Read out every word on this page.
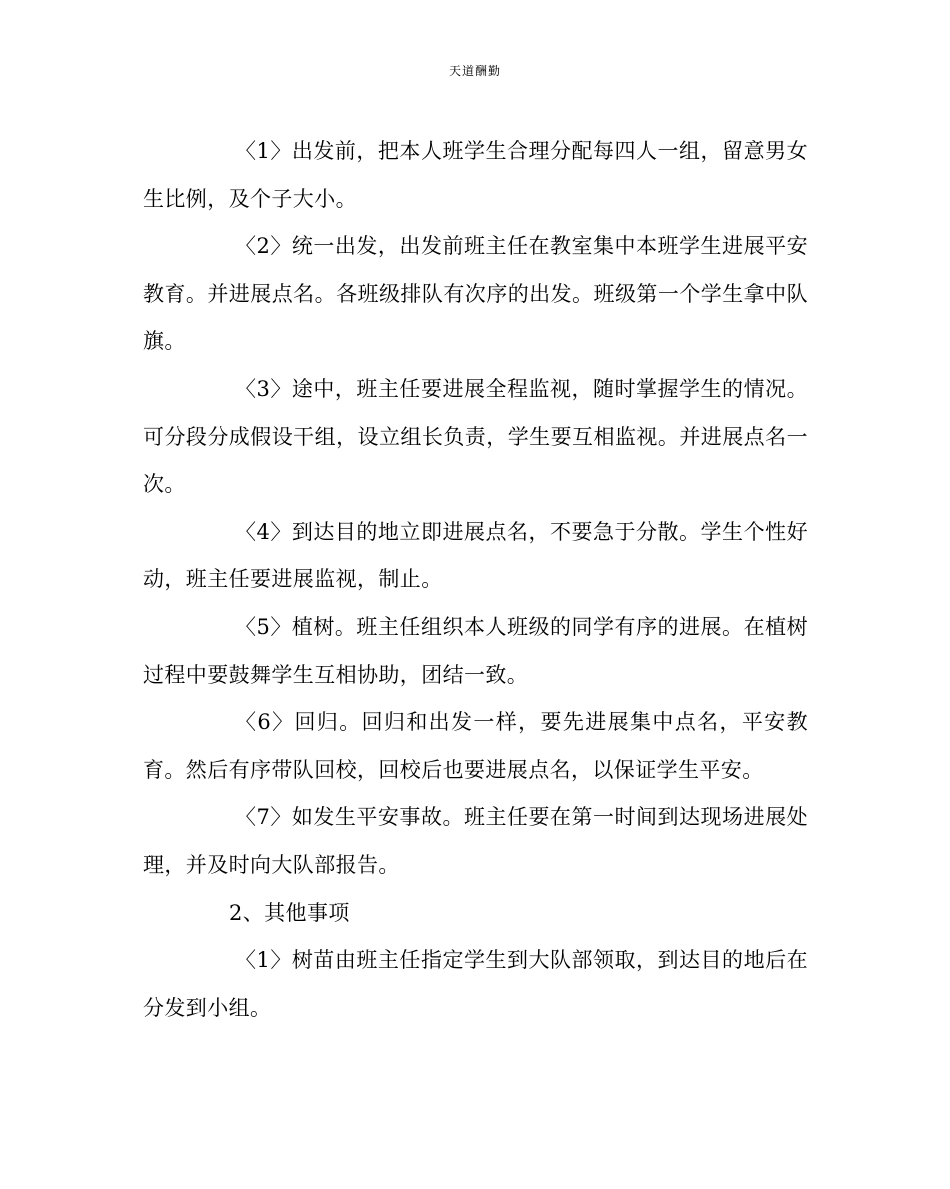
天道酬勤

〈1〉出发前，把本人班学生合理分配每四人一组，留意男女生比例，及个子大小。

〈2〉统一出发，出发前班主任在教室集中本班学生进展平安教育。并进展点名。各班级排队有次序的出发。班级第一个学生拿中队旗。

〈3〉途中，班主任要进展全程监视，随时掌握学生的情况。可分段分成假设干组，设立组长负责，学生要互相监视。并进展点名一次。

〈4〉到达目的地立即进展点名，不要急于分散。学生个性好动，班主任要进展监视，制止。

〈5〉植树。班主任组织本人班级的同学有序的进展。在植树过程中要鼓舞学生互相协助，团结一致。

〈6〉回归。回归和出发一样，要先进展集中点名，平安教育。然后有序带队回校，回校后也要进展点名，以保证学生平安。

〈7〉如发生平安事故。班主任要在第一时间到达现场进展处理，并及时向大队部报告。

2、其他事项

〈1〉树苗由班主任指定学生到大队部领取，到达目的地后在分发到小组。
